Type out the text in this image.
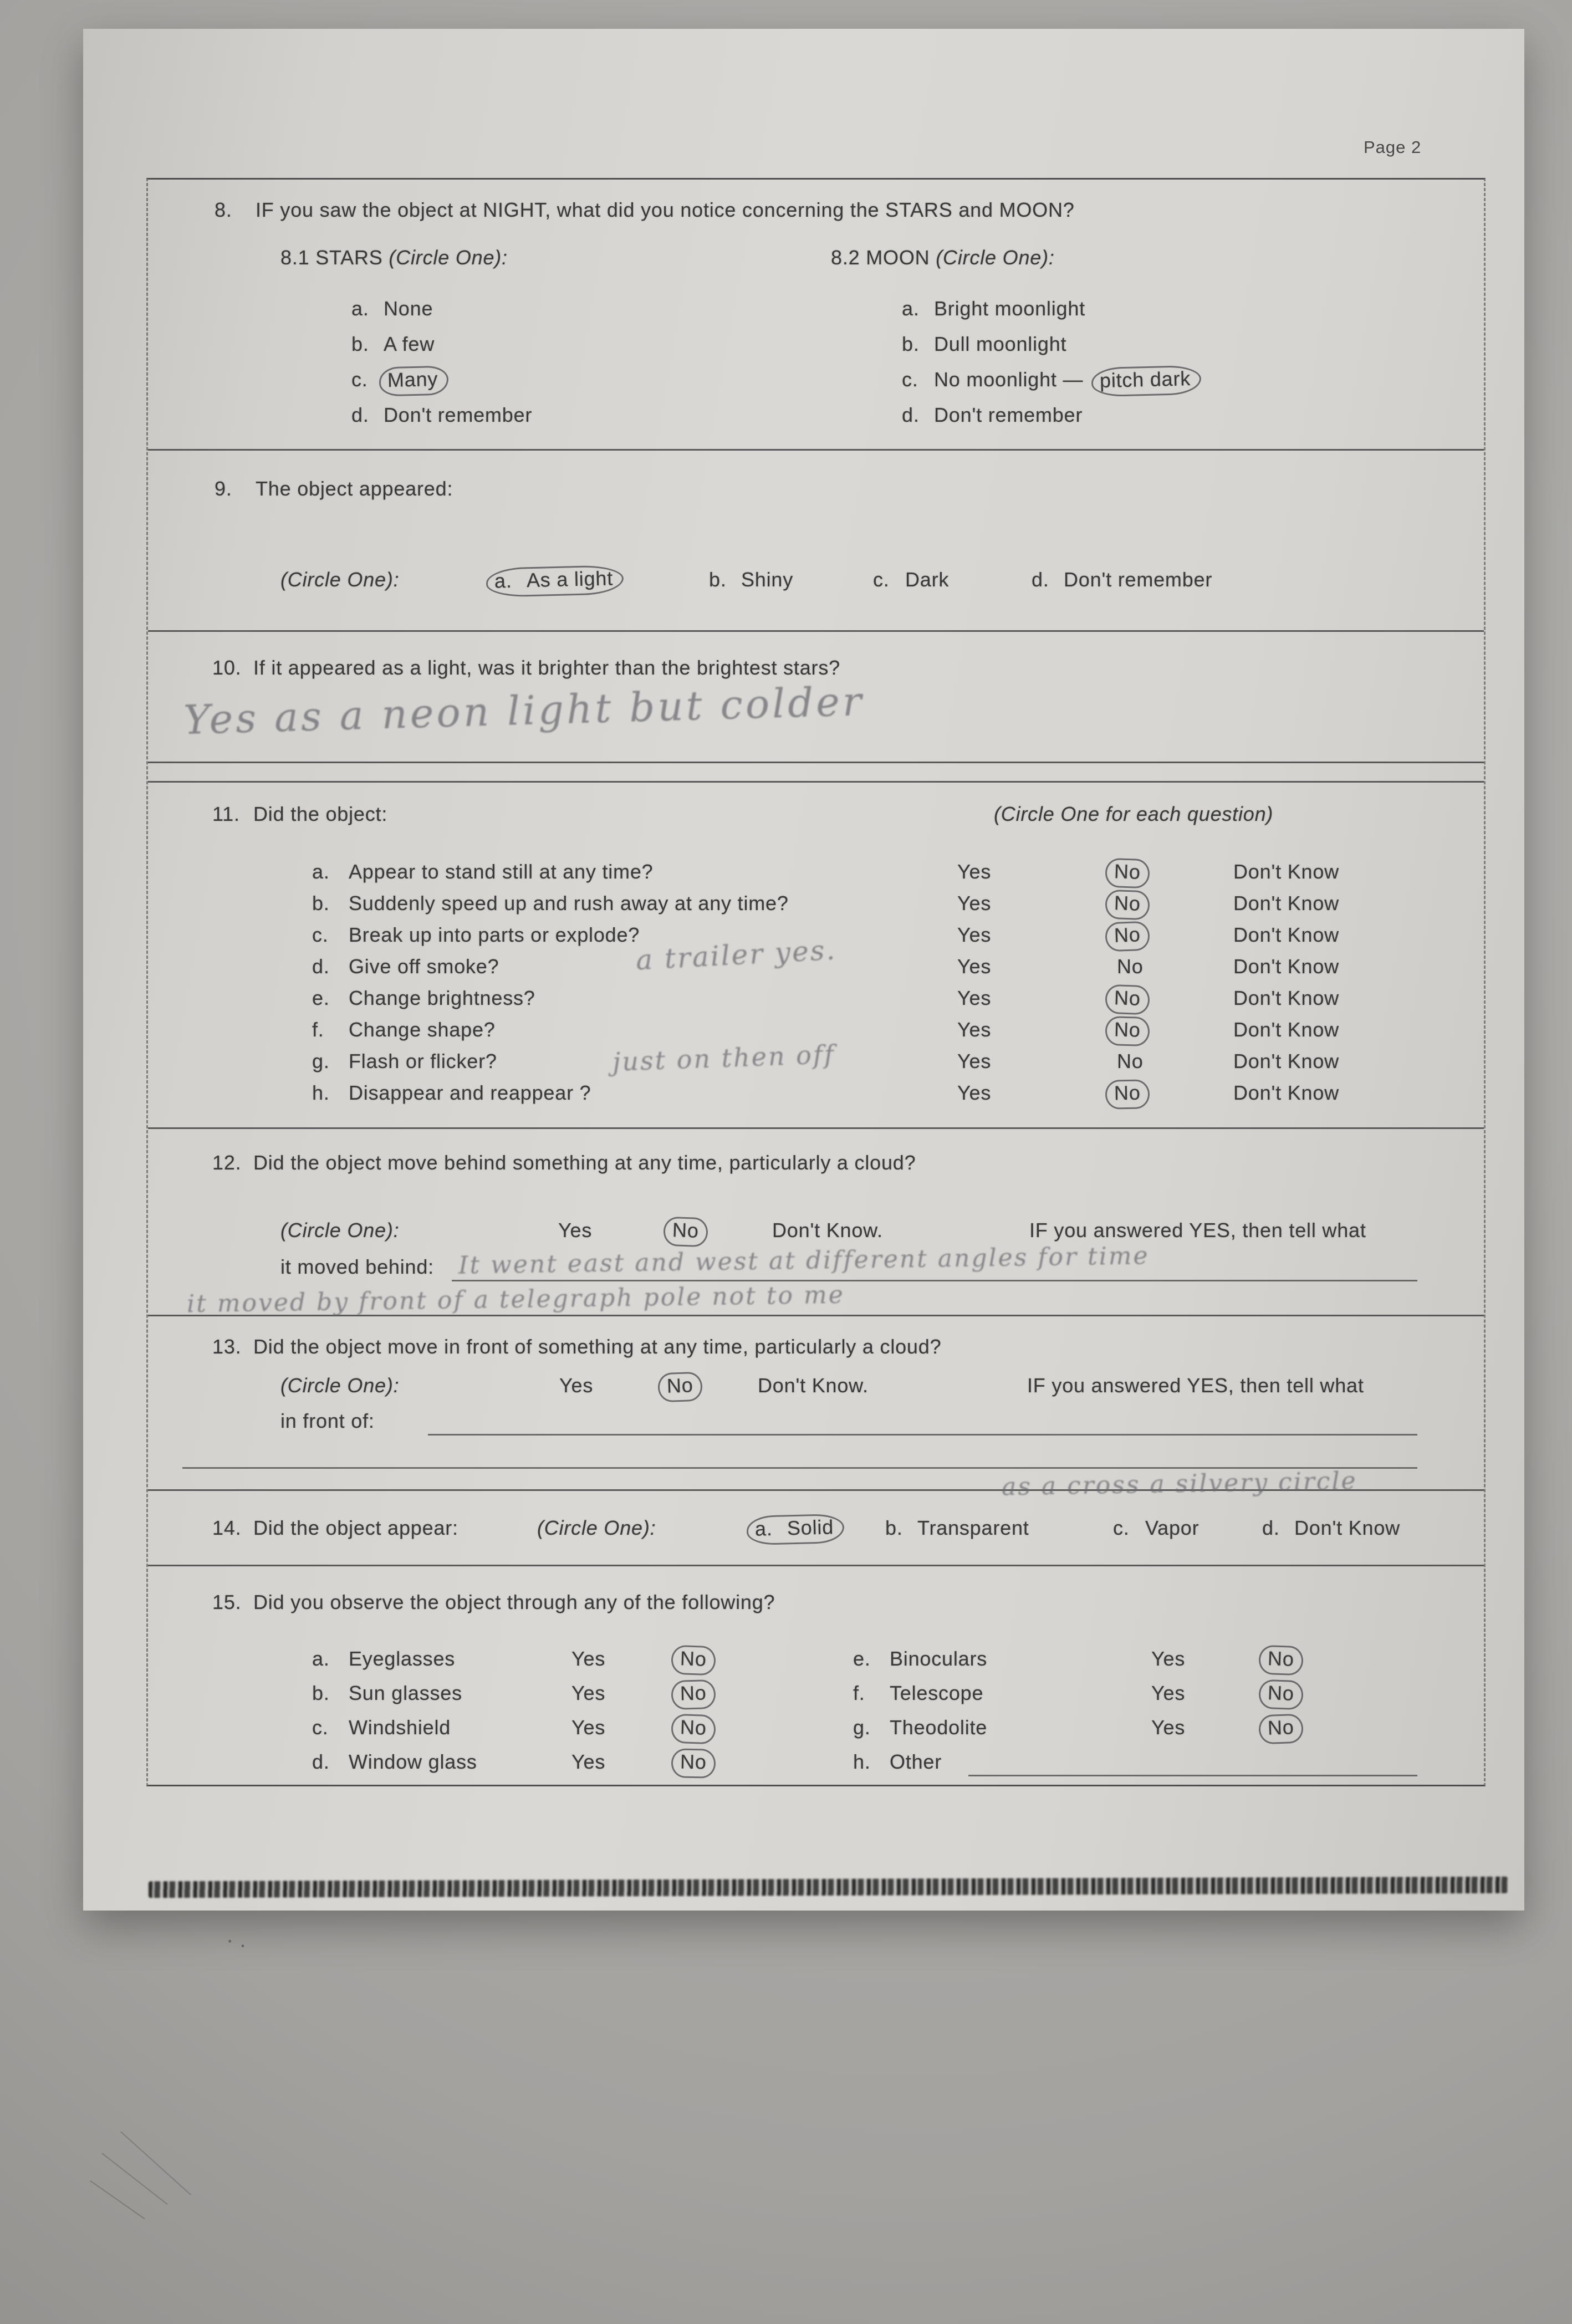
Page 2
8. IF you saw the object at NIGHT, what did you notice concerning the STARS and MOON?
8.1 STARS (Circle One):	8.2 MOON (Circle One):
a. None
b. A few
c. Many
d. Don't remember
a. Bright moonlight
b. Dull moonlight
c. No moonlight — pitch dark
d. Don't remember
9. The object appeared:
(Circle One):	a. As a light	b. Shiny	c. Dark	d. Don't remember
10. If it appeared as a light, was it brighter than the brightest stars?
Yes as a neon light but colder
11. Did the object:	(Circle One for each question)
a. Appear to stand still at any time?	Yes	No	Don't Know
b. Suddenly speed up and rush away at any time?	Yes	No	Don't Know
c. Break up into parts or explode?	Yes	No	Don't Know
d. Give off smoke?	Yes	No	Don't Know
e. Change brightness?	Yes	No	Don't Know
f. Change shape?	Yes	No	Don't Know
g. Flash or flicker?	Yes	No	Don't Know
h. Disappear and reappear ?	Yes	No	Don't Know
a trailer yes.
just on then off
12. Did the object move behind something at any time, particularly a cloud?
(Circle One):	Yes	No	Don't Know.	IF you answered YES, then tell what
it moved behind: It went east and west at different angles for time
it moved by front of a telegraph pole not to me
13. Did the object move in front of something at any time, particularly a cloud?
(Circle One):	Yes	No	Don't Know.	IF you answered YES, then tell what
in front of:
as a cross a silvery circle
14. Did the object appear:	(Circle One):	a. Solid	b. Transparent	c. Vapor	d. Don't Know
15. Did you observe the object through any of the following?
a. Eyeglasses	Yes	No	e. Binoculars	Yes	No
b. Sun glasses	Yes	No	f. Telescope	Yes	No
c. Windshield	Yes	No	g. Theodolite	Yes	No
d. Window glass	Yes	No	h. Other
· .
